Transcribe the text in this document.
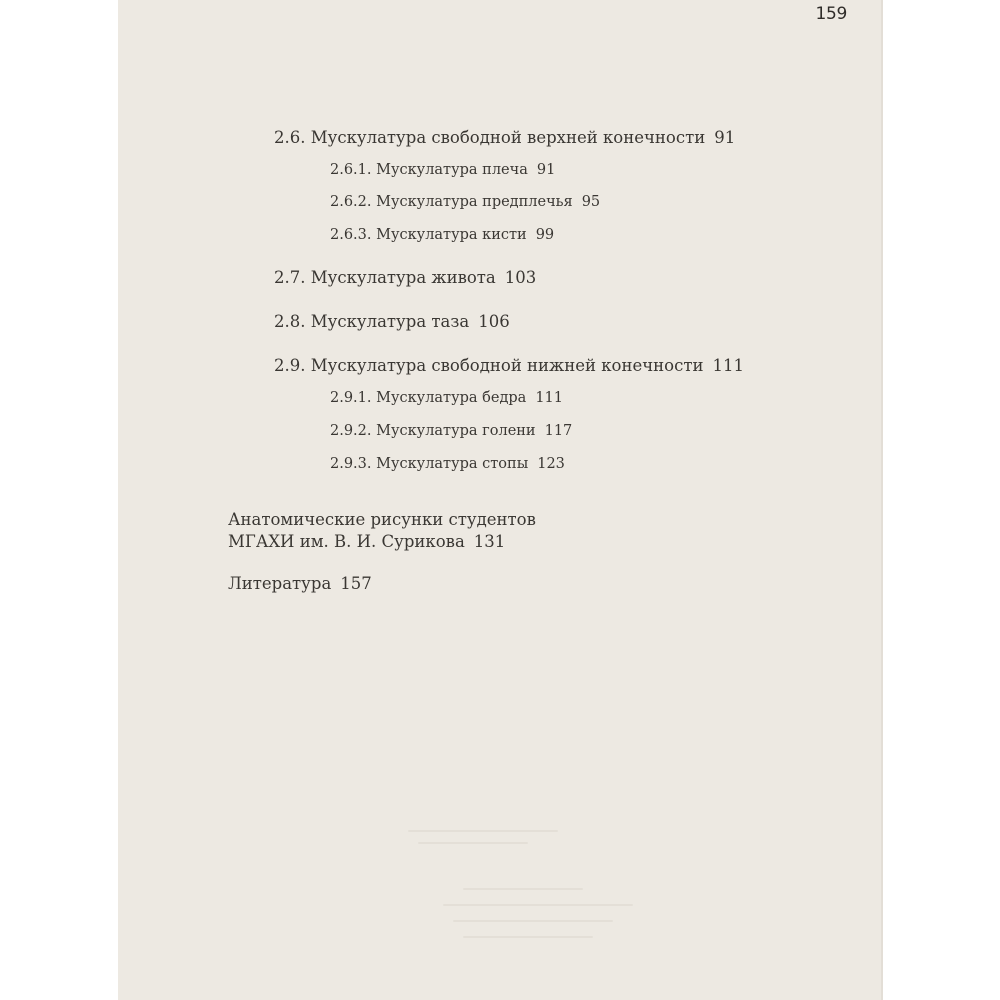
159
2.6. Мускулатура свободной верхней конечности 91
2.6.1. Мускулатура плеча 91
2.6.2. Мускулатура предплечья 95
2.6.3. Мускулатура кисти 99
2.7. Мускулатура живота 103
2.8. Мускулатура таза 106
2.9. Мускулатура свободной нижней конечности 111
2.9.1. Мускулатура бедра 111
2.9.2. Мускулатура голени 117
2.9.3. Мускулатура стопы 123
Анатомические рисунки студентов
МГАХИ им. В. И. Сурикова 131
Литература 157
